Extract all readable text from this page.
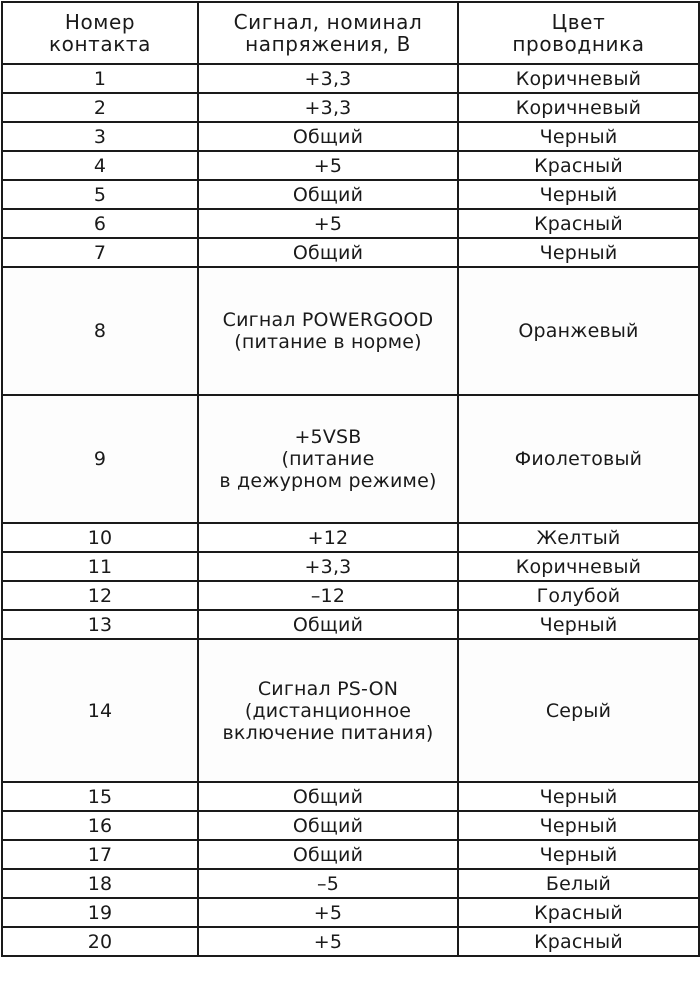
Номер
контакта	Сигнал, номинал
напряжения, В	Цвет
проводника
1	+3,3	Коричневый
2	+3,3	Коричневый
3	Общий	Черный
4	+5	Красный
5	Общий	Черный
6	+5	Красный
7	Общий	Черный
8	Сигнал POWERGOOD
(питание в норме)	Оранжевый
9	+5VSB
(питание
в дежурном режиме)	Фиолетовый
10	+12	Желтый
11	+3,3	Коричневый
12	–12	Голубой
13	Общий	Черный
14	Сигнал PS-ON
(дистанционное
включение питания)	Серый
15	Общий	Черный
16	Общий	Черный
17	Общий	Черный
18	–5	Белый
19	+5	Красный
20	+5	Красный
